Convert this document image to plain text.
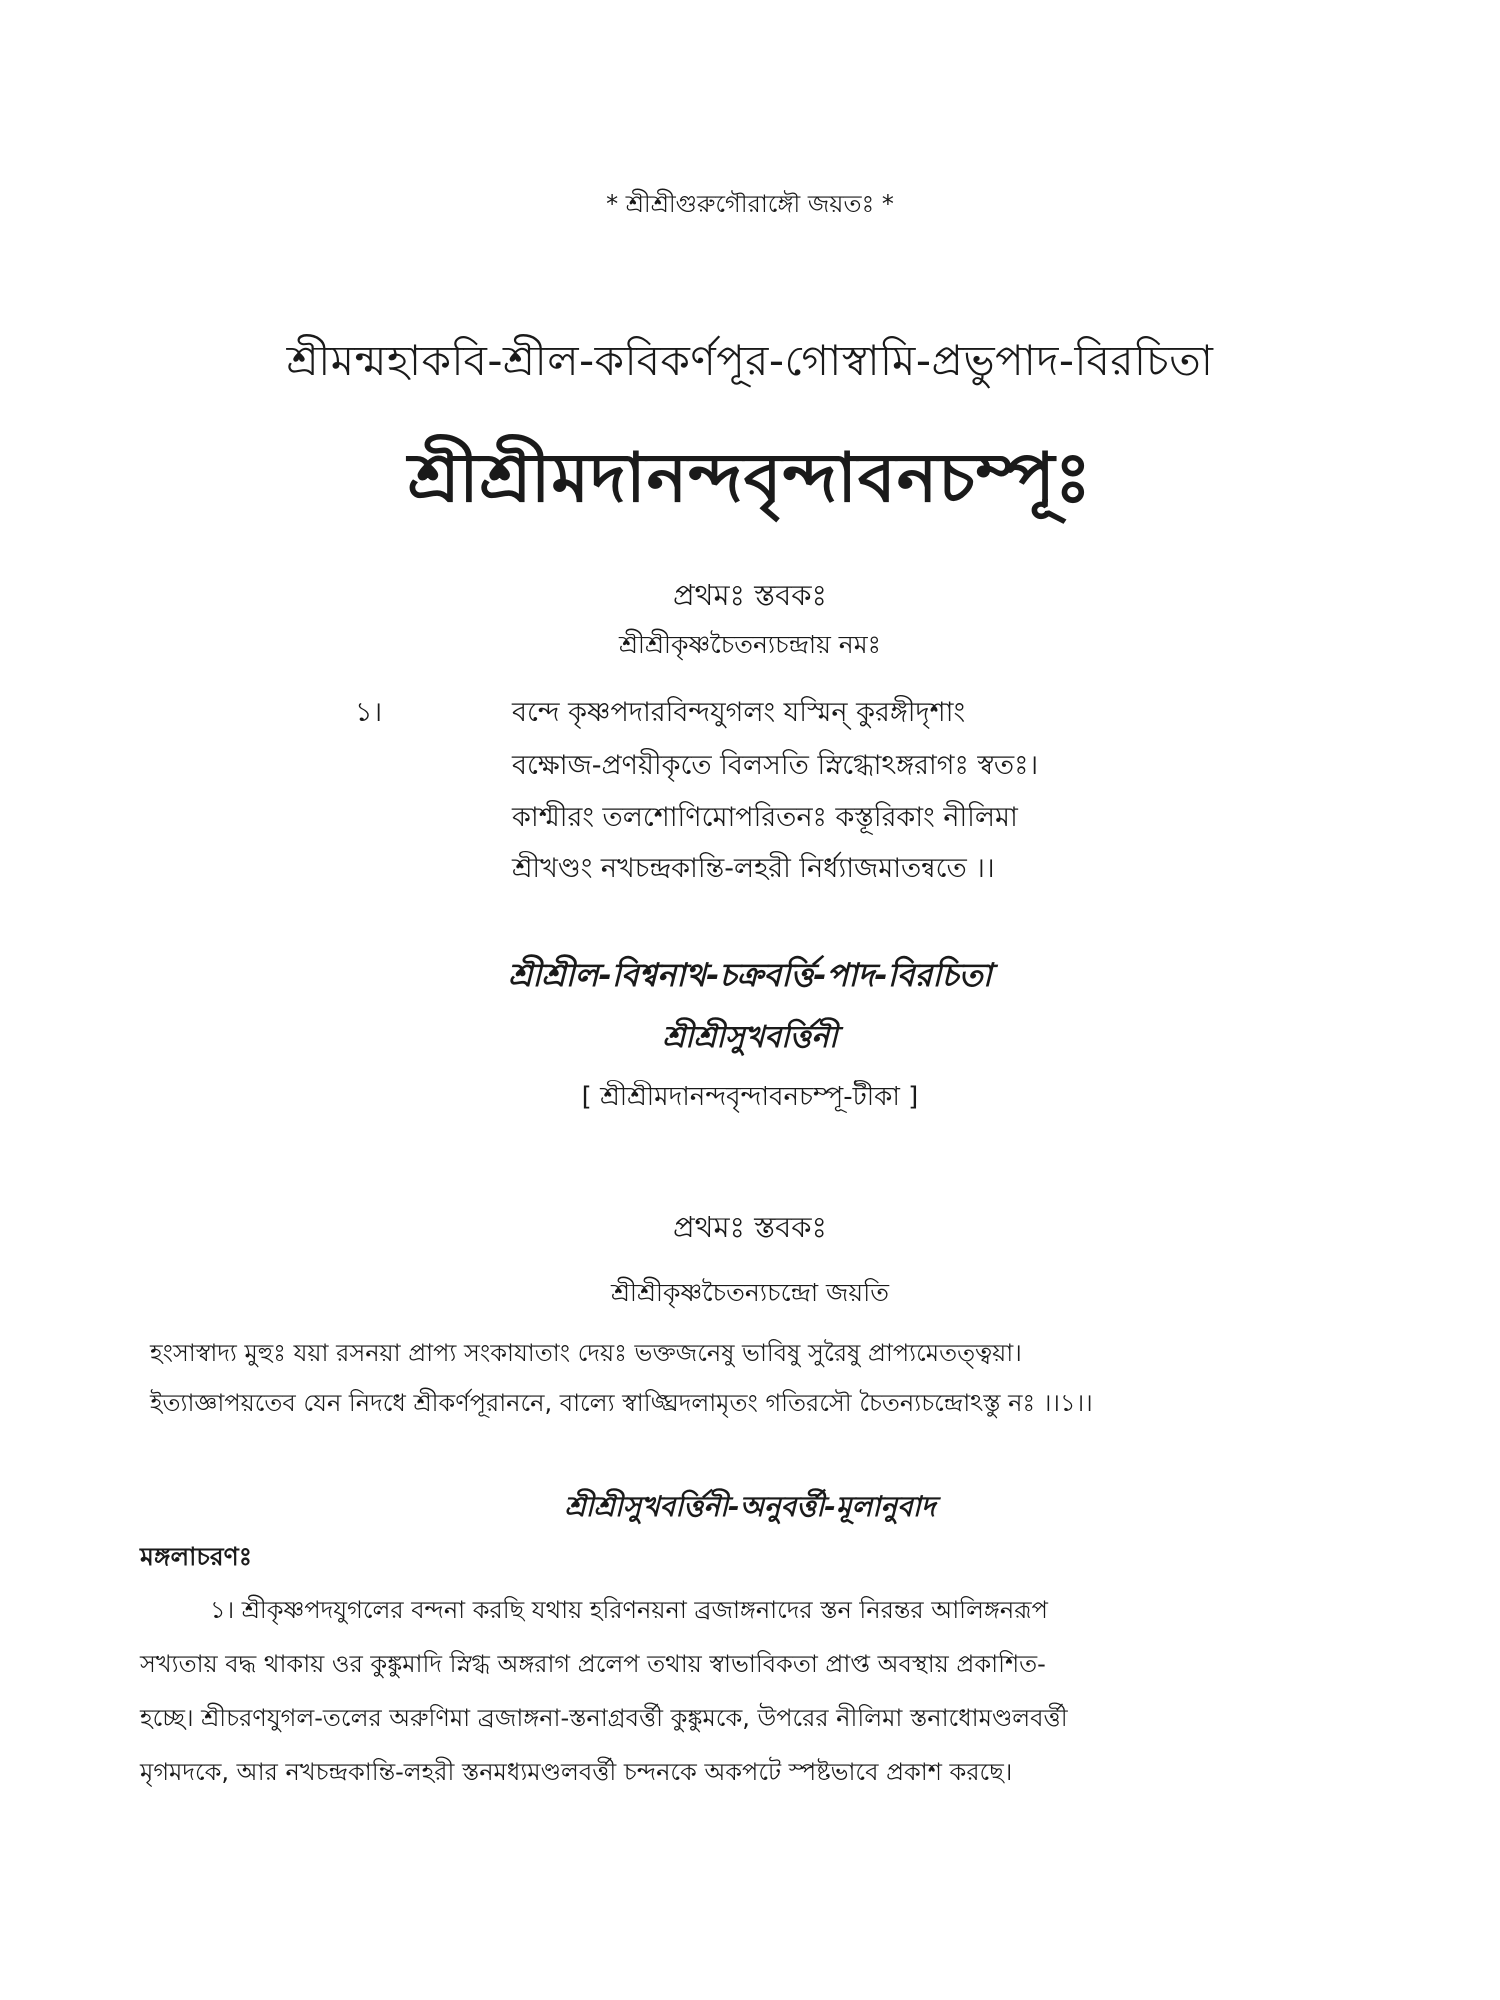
* শ্রীশ্রীগুরুগৌরাঙ্গৌ জয়তঃ *
শ্রীমন্মহাকবি-শ্রীল-কবিকর্ণপূর-গোস্বামি-প্রভুপাদ-বিরচিতা
শ্রীশ্রীমদানন্দবৃন্দাবনচম্পূঃ
প্রথমঃ স্তবকঃ
শ্রীশ্রীকৃষ্ণচৈতন্যচন্দ্রায় নমঃ
১।	বন্দে কৃষ্ণপদারবিন্দযুগলং যস্মিন্ কুরঙ্গীদৃশাং
বক্ষোজ-প্রণয়ীকৃতে বিলসতি স্নিগ্ধোঽঙ্গরাগঃ স্বতঃ।
কাশ্মীরং তলশোণিমোপরিতনঃ কস্তূরিকাং নীলিমা
শ্রীখণ্ডং নখচন্দ্রকান্তি-লহরী নির্ধ্যাজমাতন্বতে ।।
শ্রীশ্রীল-বিশ্বনাথ-চক্রবর্ত্তি-পাদ-বিরচিতা
শ্রীশ্রীসুখবর্ত্তিনী
[ শ্রীশ্রীমদানন্দবৃন্দাবনচম্পূ-টীকা ]
প্রথমঃ স্তবকঃ
শ্রীশ্রীকৃষ্ণচৈতন্যচন্দ্রো জয়তি
হংসাস্বাদ্য মুহুঃ যয়া রসনয়া প্রাপ্য সংকাযাতাং দেয়ঃ ভক্তজনেষু ভাবিষু সুরৈষু প্রাপ্যমেতত্ত্বয়া।
ইত্যাজ্ঞাপয়তেব যেন নিদধে শ্রীকর্ণপূরাননে, বাল্যে স্বাঙ্ঘ্রিদলামৃতং গতিরসৌ চৈতন্যচন্দ্রোঽস্তু নঃ ।।১।।
শ্রীশ্রীসুখবর্ত্তিনী-অনুবর্ত্তী-মূলানুবাদ
মঙ্গলাচরণঃ
১। শ্রীকৃষ্ণপদযুগলের বন্দনা করছি যথায় হরিণনয়না ব্রজাঙ্গনাদের স্তন নিরন্তর আলিঙ্গনরূপ
সখ্যতায় বদ্ধ থাকায় ওর কুঙ্কুমাদি স্নিগ্ধ অঙ্গরাগ প্রলেপ তথায় স্বাভাবিকতা প্রাপ্ত অবস্থায় প্রকাশিত-
হচ্ছে। শ্রীচরণযুগল-তলের অরুণিমা ব্রজাঙ্গনা-স্তনাগ্রবর্ত্তী কুঙ্কুমকে, উপরের নীলিমা স্তনাধোমণ্ডলবর্ত্তী
মৃগমদকে, আর নখচন্দ্রকান্তি-লহরী স্তনমধ্যমণ্ডলবর্ত্তী চন্দনকে অকপটে স্পষ্টভাবে প্রকাশ করছে।
